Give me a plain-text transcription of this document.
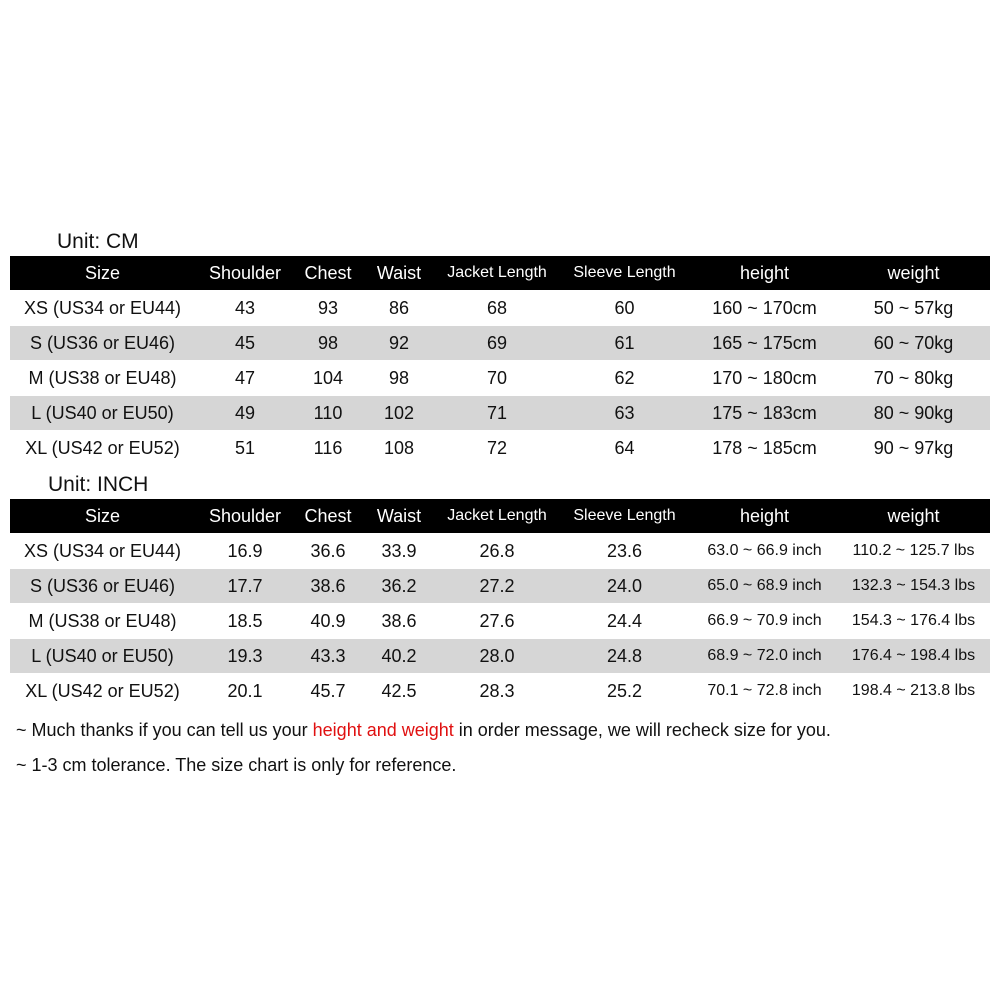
Unit: CM
Size	Shoulder	Chest	Waist	Jacket Length	Sleeve Length	height	weight
XS (US34 or EU44)	43	93	86	68	60	160 ~ 170cm	50 ~ 57kg
S (US36 or EU46)	45	98	92	69	61	165 ~ 175cm	60 ~ 70kg
M (US38 or EU48)	47	104	98	70	62	170 ~ 180cm	70 ~ 80kg
L (US40 or EU50)	49	110	102	71	63	175 ~ 183cm	80 ~ 90kg
XL (US42 or EU52)	51	116	108	72	64	178 ~ 185cm	90 ~ 97kg
Unit: INCH
Size	Shoulder	Chest	Waist	Jacket Length	Sleeve Length	height	weight
XS (US34 or EU44)	16.9	36.6	33.9	26.8	23.6	63.0 ~ 66.9 inch	110.2 ~ 125.7 lbs
S (US36 or EU46)	17.7	38.6	36.2	27.2	24.0	65.0 ~ 68.9 inch	132.3 ~ 154.3 lbs
M (US38 or EU48)	18.5	40.9	38.6	27.6	24.4	66.9 ~ 70.9 inch	154.3 ~ 176.4 lbs
L (US40 or EU50)	19.3	43.3	40.2	28.0	24.8	68.9 ~ 72.0 inch	176.4 ~ 198.4 lbs
XL (US42 or EU52)	20.1	45.7	42.5	28.3	25.2	70.1 ~ 72.8 inch	198.4 ~ 213.8 lbs
~ Much thanks if you can tell us your height and weight in order message, we will recheck size for you.
~ 1-3 cm tolerance. The size chart is only for reference.
